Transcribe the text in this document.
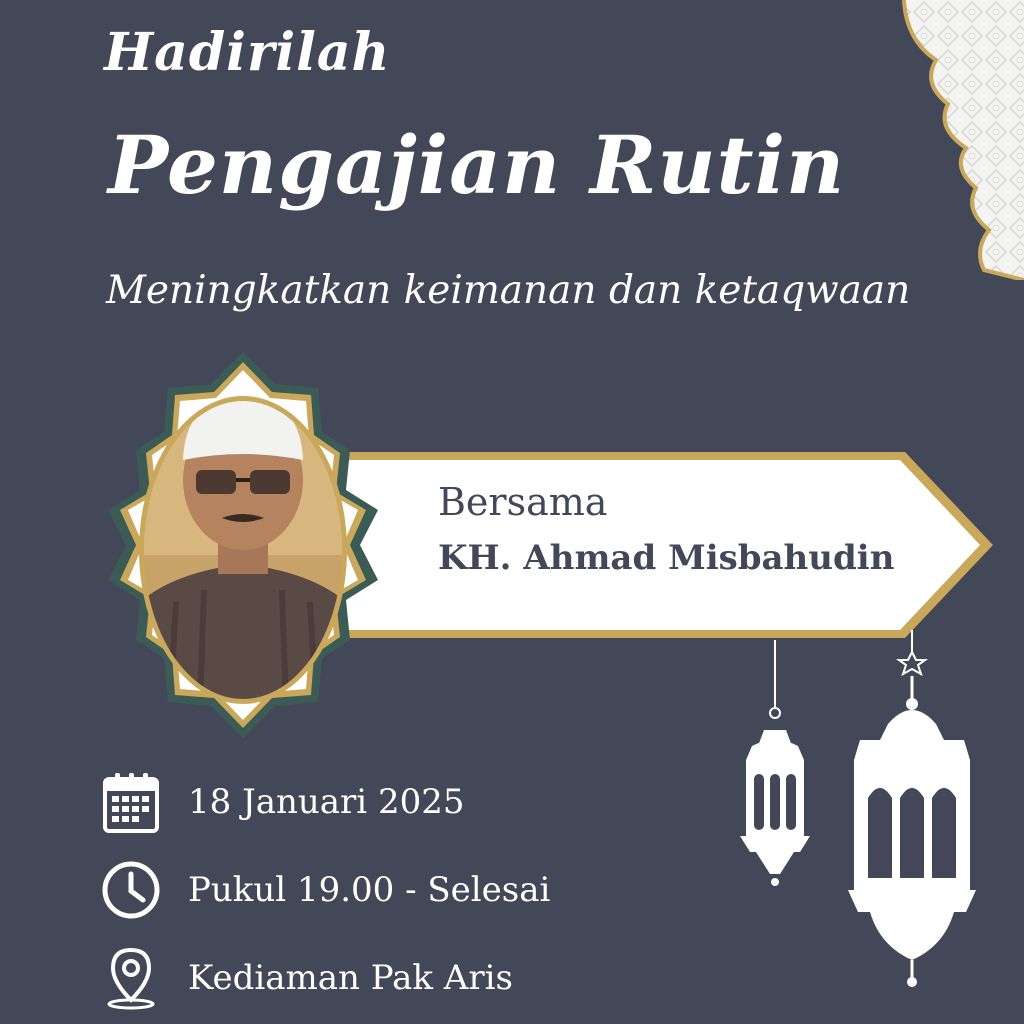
Hadirilah
Pengajian Rutin
Meningkatkan keimanan dan ketaqwaan
Bersama
KH. Ahmad Misbahudin
18 Januari 2025
Pukul 19.00 - Selesai
Kediaman Pak Aris
